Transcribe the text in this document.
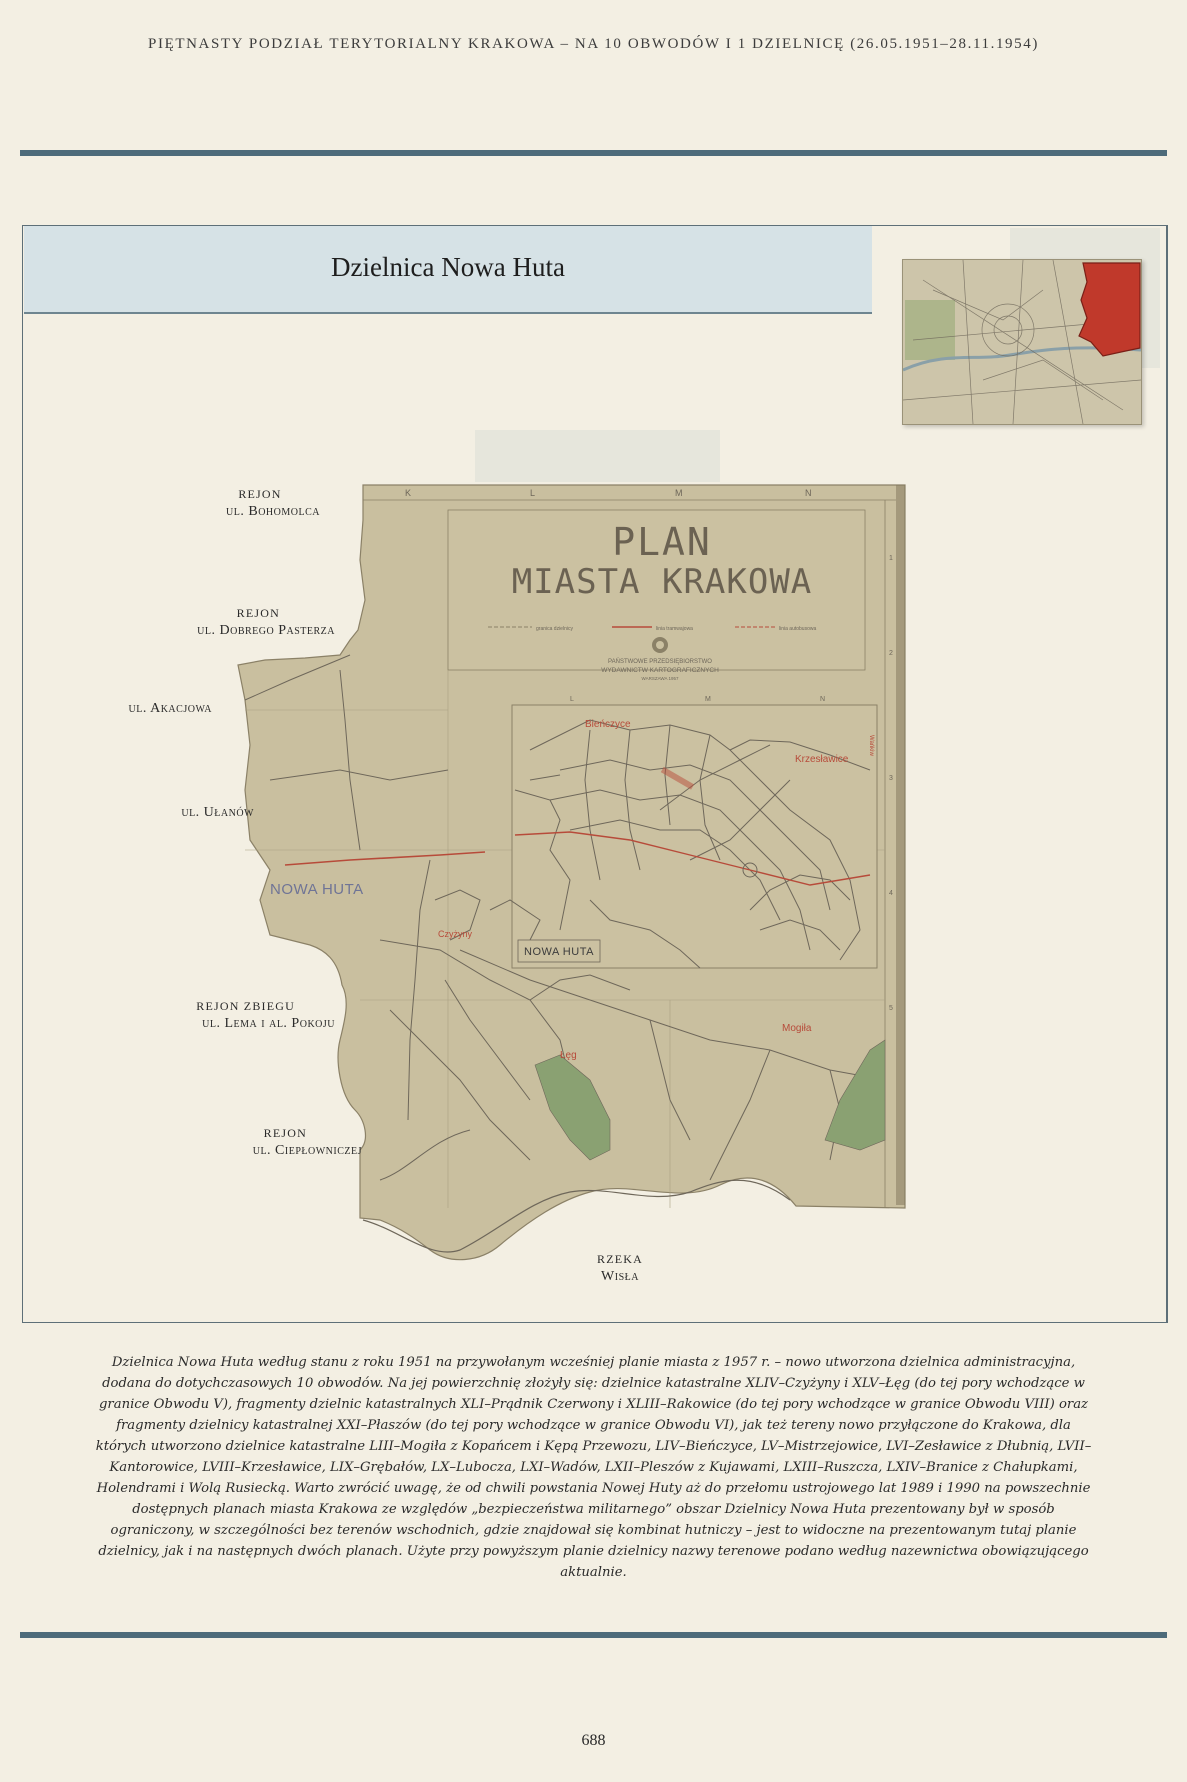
PIĘTNASTY PODZIAŁ TERYTORIALNY KRAKOWA – NA 10 OBWODÓW I 1 DZIELNICĘ (26.05.1951–28.11.1954)
Dzielnica Nowa Huta
K	L	M	N
PLAN
MIASTA KRAKOWA
granica dzielnicy	linia tramwajowa	linia autobusowa
PAŃSTWOWE PRZEDSIĘBIORSTWO
WYDAWNICTW KARTOGRAFICZNYCH
WARSZAWA 1957
L	M	N
Bieńczyce
Krzesławice
Wańkiw
NOWA HUTA
1
2
3
4
5
NOWA HUTA
Czyżyny
Łęg
Mogiła
REJON
ul. Bohomolca
REJON
ul. Dobrego Pasterza
ul. Akacjowa
ul. Ułanów
REJON ZBIEGU
ul. Lema i al. Pokoju
REJON
ul. Ciepłowniczej
RZEKA
Wisła
Dzielnica Nowa Huta według stanu z roku 1951 na przywołanym wcześniej planie miasta z 1957 r. – nowo utworzona dzielnica administracyjna, dodana do dotychczasowych 10 obwodów. Na jej powierzchnię złożyły się: dzielnice katastralne XLIV–Czyżyny i XLV–Łęg (do tej pory wchodzące w granice Obwodu V), fragmenty dzielnic katastralnych XLI–Prądnik Czerwony i XLIII–Rakowice (do tej pory wchodzące w granice Obwodu VIII) oraz fragmenty dzielnicy katastralnej XXI–Płaszów (do tej pory wchodzące w granice Obwodu VI), jak też tereny nowo przyłączone do Krakowa, dla których utworzono dzielnice katastralne LIII–Mogiła z Kopańcem i Kępą Przewozu, LIV–Bieńczyce, LV–Mistrzejowice, LVI–Zesławice z Dłubnią, LVII–Kantorowice, LVIII–Krzesławice, LIX–Grębałów, LX–Lubocza, LXI–Wadów, LXII–Pleszów z Kujawami, LXIII–Ruszcza, LXIV–Branice z Chałupkami, Holendrami i Wolą Rusiecką. Warto zwrócić uwagę, że od chwili powstania Nowej Huty aż do przełomu ustrojowego lat 1989 i 1990 na powszechnie dostępnych planach miasta Krakowa ze względów „bezpieczeństwa militarnego” obszar Dzielnicy Nowa Huta prezentowany był w sposób ograniczony, w szczególności bez terenów wschodnich, gdzie znajdował się kombinat hutniczy – jest to widoczne na prezentowanym tutaj planie dzielnicy, jak i na następnych dwóch planach. Użyte przy powyższym planie dzielnicy nazwy terenowe podano według nazewnictwa obowiązującego aktualnie.
688
